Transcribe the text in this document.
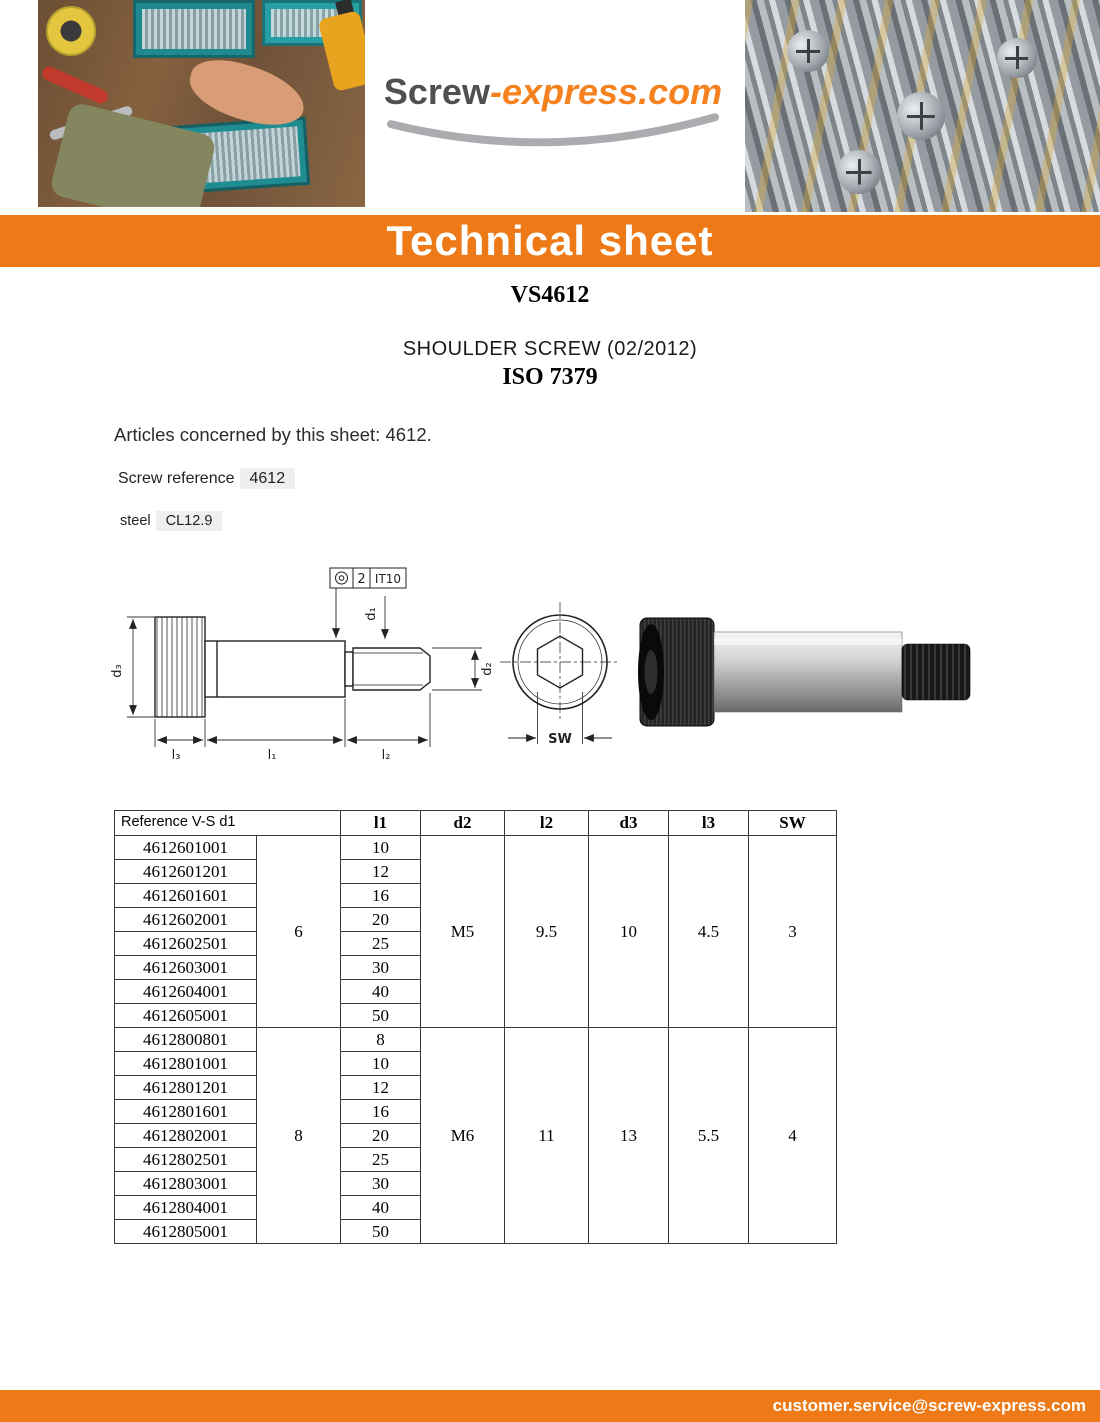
Screw-express.com
Technical sheet
VS4612
SHOULDER SCREW (02/2012)
ISO 7379
Articles concerned by this sheet: 4612.
Screw reference 4612
steel CL12.9
d₃
l₃	l₁	l₂
d₁
d₂
2 IT10
SW
Reference V-S d1		l1	d2	l2	d3	l3	SW
4612601001	6	10	M5	9.5	10	4.5	3
4612601201		12					
4612601601		16					
4612602001		20					
4612602501		25					
4612603001		30					
4612604001		40					
4612605001		50					
4612800801	8	8	M6	11	13	5.5	4
4612801001		10					
4612801201		12					
4612801601		16					
4612802001		20					
4612802501		25					
4612803001		30					
4612804001		40					
4612805001		50					
customer.service@screw-express.com
